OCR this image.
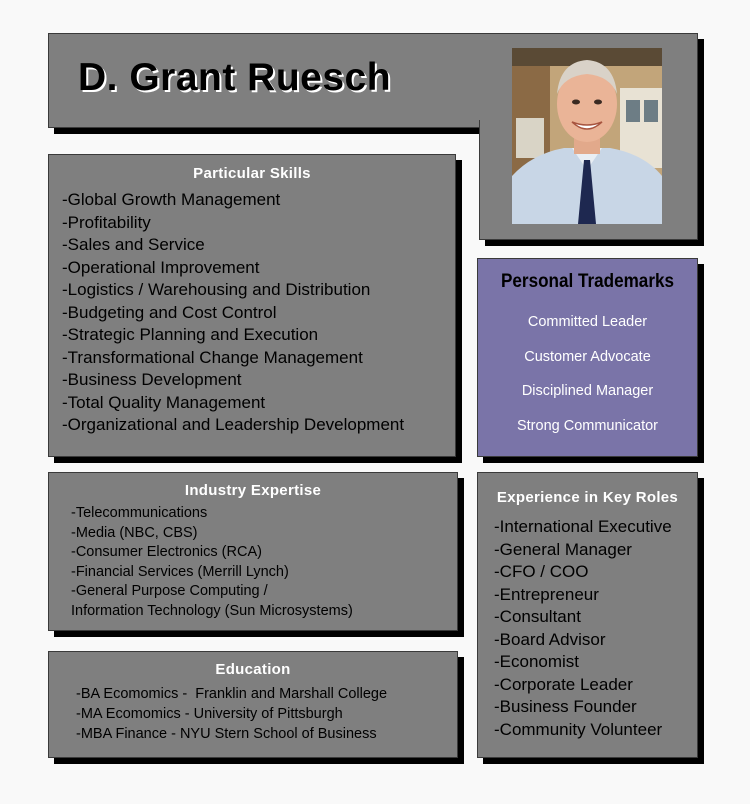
D. Grant Ruesch
Particular Skills
-Global Growth Management
-Profitability
-Sales and Service
-Operational Improvement
-Logistics / Warehousing and Distribution
-Budgeting and Cost Control
-Strategic Planning and Execution
-Transformational Change Management
-Business Development
-Total Quality Management
-Organizational and Leadership Development
Personal Trademarks
Committed Leader
Customer Advocate
Disciplined Manager
Strong Communicator
Industry Expertise
-Telecommunications
-Media (NBC, CBS)
-Consumer Electronics (RCA)
-Financial Services (Merrill Lynch)
-General Purpose Computing /
Information Technology (Sun Microsystems)
Education
-BA Ecomomics -  Franklin and Marshall College
-MA Ecomomics - University of Pittsburgh
-MBA Finance - NYU Stern School of Business
Experience in Key Roles
-International Executive
-General Manager
-CFO / COO
-Entrepreneur
-Consultant
-Board Advisor
-Economist
-Corporate Leader
-Business Founder
-Community Volunteer
